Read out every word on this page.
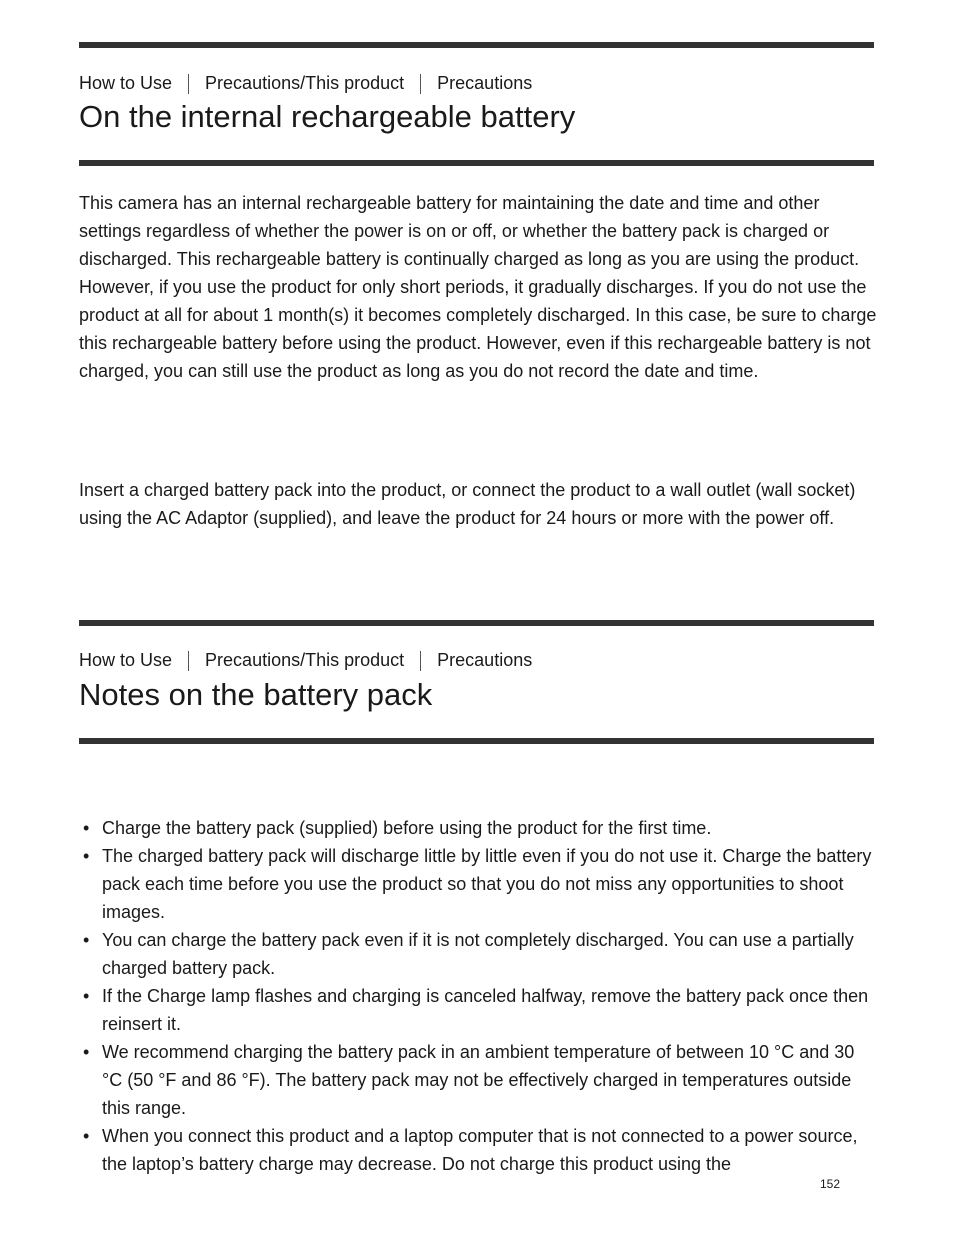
How to Use Precautions/This product Precautions
On the internal rechargeable battery

This camera has an internal rechargeable battery for maintaining the date and time and other settings regardless of whether the power is on or off, or whether the battery pack is charged or discharged. This rechargeable battery is continually charged as long as you are using the product. However, if you use the product for only short periods, it gradually discharges. If you do not use the product at all for about 1 month(s) it becomes completely discharged. In this case, be sure to charge this rechargeable battery before using the product. However, even if this rechargeable battery is not charged, you can still use the product as long as you do not record the date and time.

Insert a charged battery pack into the product, or connect the product to a wall outlet (wall socket) using the AC Adaptor (supplied), and leave the product for 24 hours or more with the power off.

How to Use Precautions/This product Precautions
Notes on the battery pack
• Charge the battery pack (supplied) before using the product for the first time.
• The charged battery pack will discharge little by little even if you do not use it. Charge the battery pack each time before you use the product so that you do not miss any opportunities to shoot images.
• You can charge the battery pack even if it is not completely discharged. You can use a partially charged battery pack.
• If the Charge lamp flashes and charging is canceled halfway, remove the battery pack once then reinsert it.
• We recommend charging the battery pack in an ambient temperature of between 10 °C and 30 °C (50 °F and 86 °F). The battery pack may not be effectively charged in temperatures outside this range.
• When you connect this product and a laptop computer that is not connected to a power source, the laptop’s battery charge may decrease. Do not charge this product using the
152
